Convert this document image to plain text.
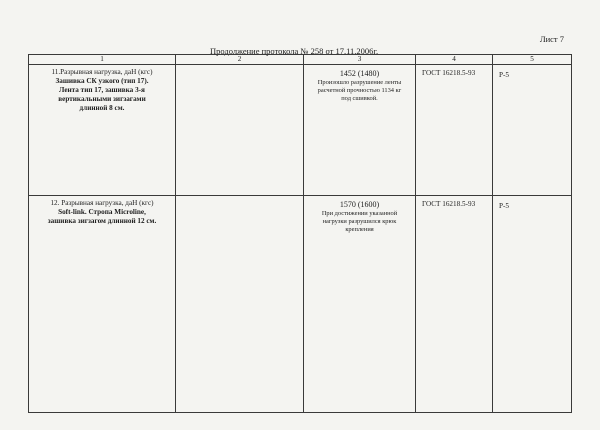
Лист 7
Продолжение протокола № 258 от 17.11.2006г.
1	2	3	4	5

11.Разрывная нагрузка, даН (кгс)
Зашивка СК узкого (тип 17).
Лента тип 17, зашивка 3-я
вертикальными зигзагами
длинной 8 см.		1452 (1480)
Произошло разрушение ленты
расчетной прочностью 1134 кг
под сшивкой.	ГОСТ 16218.5-93	Р-5

12. Разрывная нагрузка, даН (кгс)
Soft-link. Стропа Microline,
зашивка зигзагом длинной 12 см.		1570 (1600)
При достижении указанной
нагрузки разрушился крюк
крепления	ГОСТ 16218.5-93	Р-5
